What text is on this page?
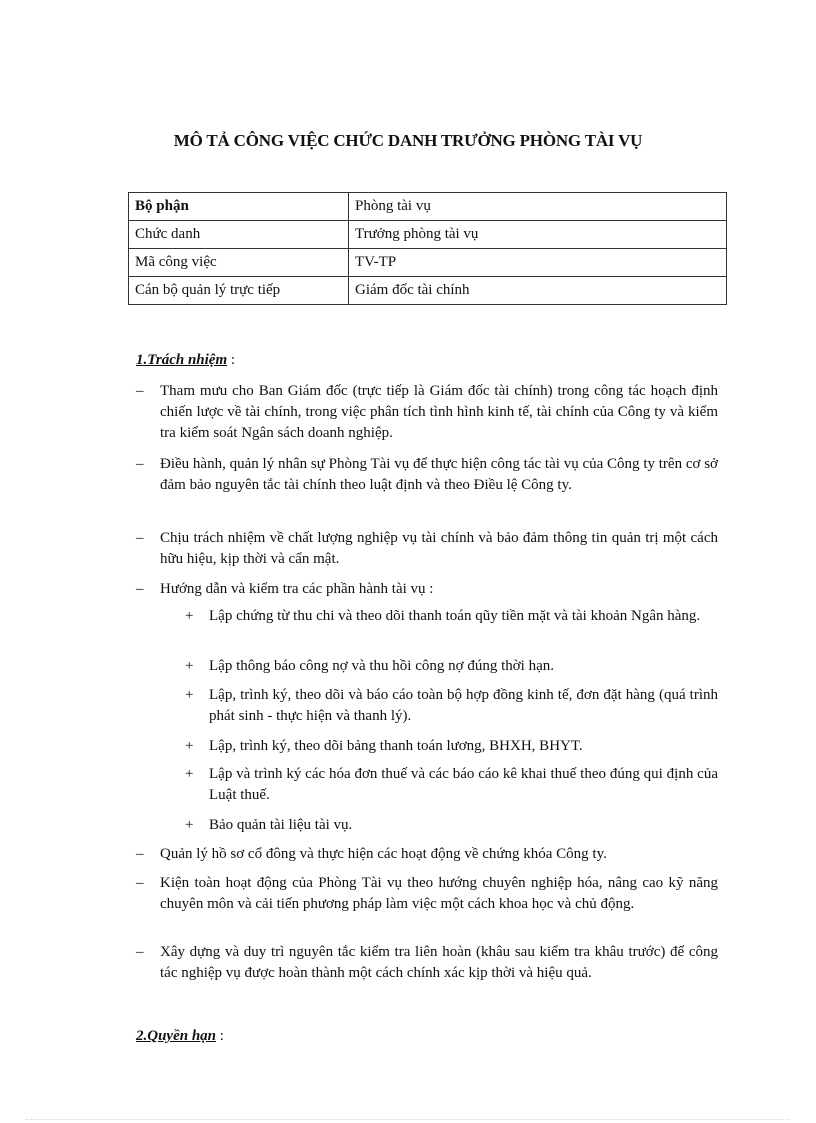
MÔ TẢ CÔNG VIỆC CHỨC DANH TRƯỞNG PHÒNG TÀI VỤ
Bộ phận	Phòng tài vụ
Chức danh	Trưởng phòng tài vụ
Mã công việc	TV-TP
Cán bộ quản lý trực tiếp	Giám đốc tài chính
1.Trách nhiệm :
– Tham mưu cho Ban Giám đốc (trực tiếp là Giám đốc tài chính) trong công tác hoạch định chiến lược về tài chính, trong việc phân tích tình hình kinh tế, tài chính của Công ty và kiểm tra kiểm soát Ngân sách doanh nghiệp.
– Điều hành, quản lý nhân sự Phòng Tài vụ để thực hiện công tác tài vụ của Công ty trên cơ sở đảm bảo nguyên tắc tài chính theo luật định và theo Điều lệ Công ty.
– Chịu trách nhiệm về chất lượng nghiệp vụ tài chính và bảo đảm thông tin quản trị một cách hữu hiệu, kịp thời và cẩn mật.
– Hướng dẫn và kiểm tra các phần hành tài vụ :
+ Lập chứng từ thu chi và theo dõi thanh toán qũy tiền mặt và tài khoản Ngân hàng.
+ Lập thông báo công nợ và thu hồi công nợ đúng thời hạn.
+ Lập, trình ký, theo dõi và báo cáo toàn bộ hợp đồng kinh tế, đơn đặt hàng (quá trình phát sinh - thực hiện và thanh lý).
+ Lập, trình ký, theo dõi bảng thanh toán lương, BHXH, BHYT.
+ Lập và trình ký các hóa đơn thuế và các báo cáo kê khai thuế theo đúng qui định của Luật thuế.
+ Bảo quản tài liệu tài vụ.
– Quản lý hồ sơ cổ đông và thực hiện các hoạt động về chứng khóa Công ty.
– Kiện toàn hoạt động của Phòng Tài vụ theo hướng chuyên nghiệp hóa, nâng cao kỹ năng chuyên môn và cải tiến phương pháp làm việc một cách khoa học và chủ động.
– Xây dựng và duy trì nguyên tắc kiểm tra liên hoàn (khâu sau kiểm tra khâu trước) để công tác nghiệp vụ được hoàn thành một cách chính xác kịp thời và hiệu quả.
2.Quyền hạn :
